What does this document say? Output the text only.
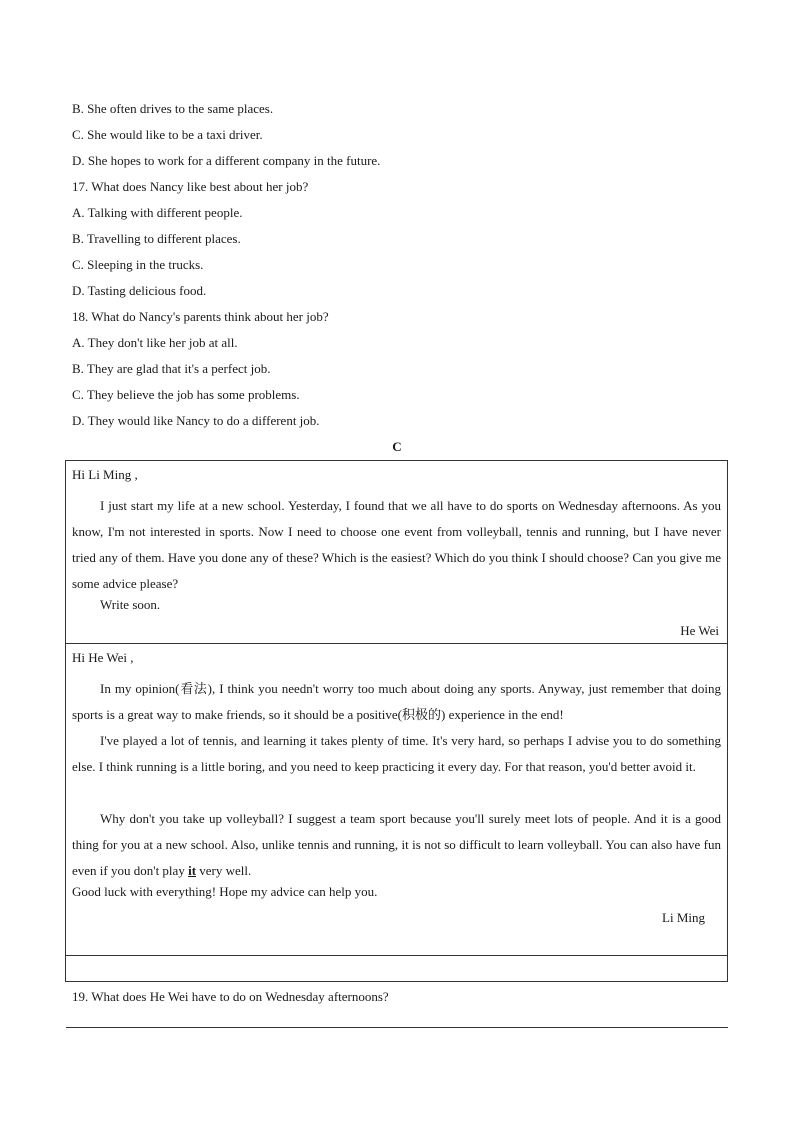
B. She often drives to the same places.
C. She would like to be a taxi driver.
D. She hopes to work for a different company in the future.
17. What does Nancy like best about her job?
A. Talking with different people.
B. Travelling to different places.
C. Sleeping in the trucks.
D. Tasting delicious food.
18. What do Nancy's parents think about her job?
A. They don't like her job at all.
B. They are glad that it's a perfect job.
C. They believe the job has some problems.
D. They would like Nancy to do a different job.
C
Hi Li Ming ,
I just start my life at a new school. Yesterday, I found that we all have to do sports on Wednesday afternoons. As you know, I'm not interested in sports. Now I need to choose one event from volleyball, tennis and running, but I have never tried any of them. Have you done any of these? Which is the easiest? Which do you think I should choose? Can you give me some advice please?
Write soon.
He Wei
Hi He Wei ,
In my opinion(看法), I think you needn't worry too much about doing any sports. Anyway, just remember that doing sports is a great way to make friends, so it should be a positive(积极的) experience in the end!
I've played a lot of tennis, and learning it takes plenty of time. It's very hard, so perhaps I advise you to do something else. I think running is a little boring, and you need to keep practicing it every day. For that reason, you'd better avoid it.
Why don't you take up volleyball? I suggest a team sport because you'll surely meet lots of people. And it is a good thing for you at a new school. Also, unlike tennis and running, it is not so difficult to learn volleyball. You can also have fun even if you don't play it very well.
Good luck with everything! Hope my advice can help you.
Li Ming
19. What does He Wei have to do on Wednesday afternoons?
